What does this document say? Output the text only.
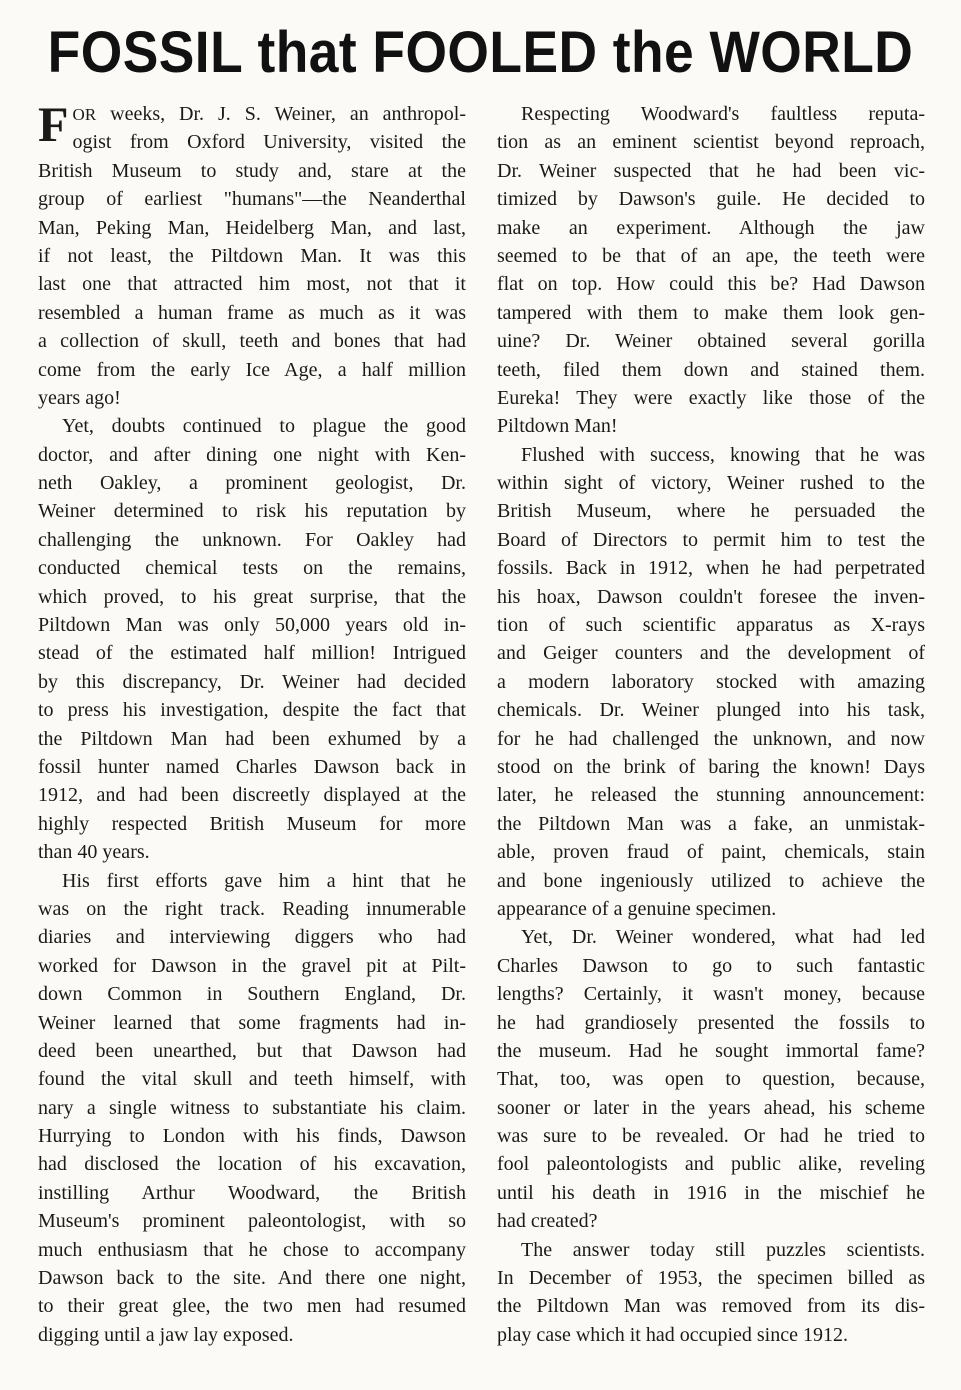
FOSSIL that FOOLED the WORLD

F OR weeks, Dr. J. S. Weiner, an anthropol-
ogist from Oxford University, visited the
British Museum to study and, stare at the
group of earliest "humans"—the Neanderthal
Man, Peking Man, Heidelberg Man, and last,
if not least, the Piltdown Man. It was this
last one that attracted him most, not that it
resembled a human frame as much as it was
a collection of skull, teeth and bones that had
come from the early Ice Age, a half million
years ago!

Yet, doubts continued to plague the good
doctor, and after dining one night with Ken-
neth Oakley, a prominent geologist, Dr.
Weiner determined to risk his reputation by
challenging the unknown. For Oakley had
conducted chemical tests on the remains,
which proved, to his great surprise, that the
Piltdown Man was only 50,000 years old in-
stead of the estimated half million! Intrigued
by this discrepancy, Dr. Weiner had decided
to press his investigation, despite the fact that
the Piltdown Man had been exhumed by a
fossil hunter named Charles Dawson back in
1912, and had been discreetly displayed at the
highly respected British Museum for more
than 40 years.

His first efforts gave him a hint that he
was on the right track. Reading innumerable
diaries and interviewing diggers who had
worked for Dawson in the gravel pit at Pilt-
down Common in Southern England, Dr.
Weiner learned that some fragments had in-
deed been unearthed, but that Dawson had
found the vital skull and teeth himself, with
nary a single witness to substantiate his claim.
Hurrying to London with his finds, Dawson
had disclosed the location of his excavation,
instilling Arthur Woodward, the British
Museum's prominent paleontologist, with so
much enthusiasm that he chose to accompany
Dawson back to the site. And there one night,
to their great glee, the two men had resumed
digging until a jaw lay exposed.

Respecting Woodward's faultless reputa-
tion as an eminent scientist beyond reproach,
Dr. Weiner suspected that he had been vic-
timized by Dawson's guile. He decided to
make an experiment. Although the jaw
seemed to be that of an ape, the teeth were
flat on top. How could this be? Had Dawson
tampered with them to make them look gen-
uine? Dr. Weiner obtained several gorilla
teeth, filed them down and stained them.
Eureka! They were exactly like those of the
Piltdown Man!

Flushed with success, knowing that he was
within sight of victory, Weiner rushed to the
British Museum, where he persuaded the
Board of Directors to permit him to test the
fossils. Back in 1912, when he had perpetrated
his hoax, Dawson couldn't foresee the inven-
tion of such scientific apparatus as X-rays
and Geiger counters and the development of
a modern laboratory stocked with amazing
chemicals. Dr. Weiner plunged into his task,
for he had challenged the unknown, and now
stood on the brink of baring the known! Days
later, he released the stunning announcement:
the Piltdown Man was a fake, an unmistak-
able, proven fraud of paint, chemicals, stain
and bone ingeniously utilized to achieve the
appearance of a genuine specimen.

Yet, Dr. Weiner wondered, what had led
Charles Dawson to go to such fantastic
lengths? Certainly, it wasn't money, because
he had grandiosely presented the fossils to
the museum. Had he sought immortal fame?
That, too, was open to question, because,
sooner or later in the years ahead, his scheme
was sure to be revealed. Or had he tried to
fool paleontologists and public alike, reveling
until his death in 1916 in the mischief he
had created?

The answer today still puzzles scientists.
In December of 1953, the specimen billed as
the Piltdown Man was removed from its dis-
play case which it had occupied since 1912.
